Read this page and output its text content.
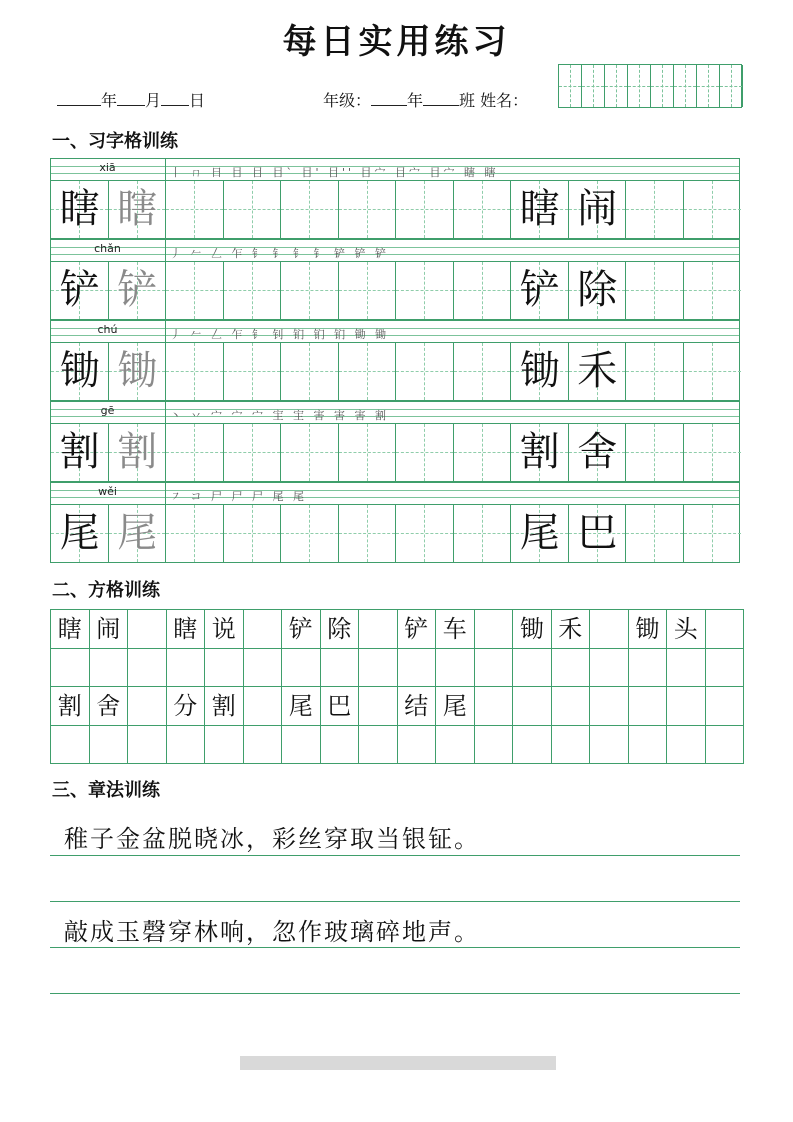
每日实用练习
年 月 日	年级： 年 班 姓名：
一、习字格训练
xiā	丨 ㄇ 日 目 目 目` 目' 目'' 目宀 目宀 目宀 瞎 瞎
瞎 瞎	瞎 闹
chǎn	丿 𠂉 𠃋 乍 钅 钅 钅 钅 铲 铲 铲
铲 铲	铲 除
chú	丿 𠂉 𠃋 乍 钅 钊 钔 钔 钔 锄 锄
锄 锄	锄 禾
gē	丶 丷 宀 宀 宀 宔 宔 害 害 害 割
割 割	割 舍
wěi	㇇ コ 尸 尸 尸 尾 尾
尾 尾	尾 巴
二、方格训练
瞎 闹	瞎 说	铲 除	铲 车	锄 禾	锄 头
割 舍	分 割	尾 巴	结 尾
三、章法训练
稚子金盆脱晓冰，彩丝穿取当银钲。
敲成玉磬穿林响，忽作玻璃碎地声。
